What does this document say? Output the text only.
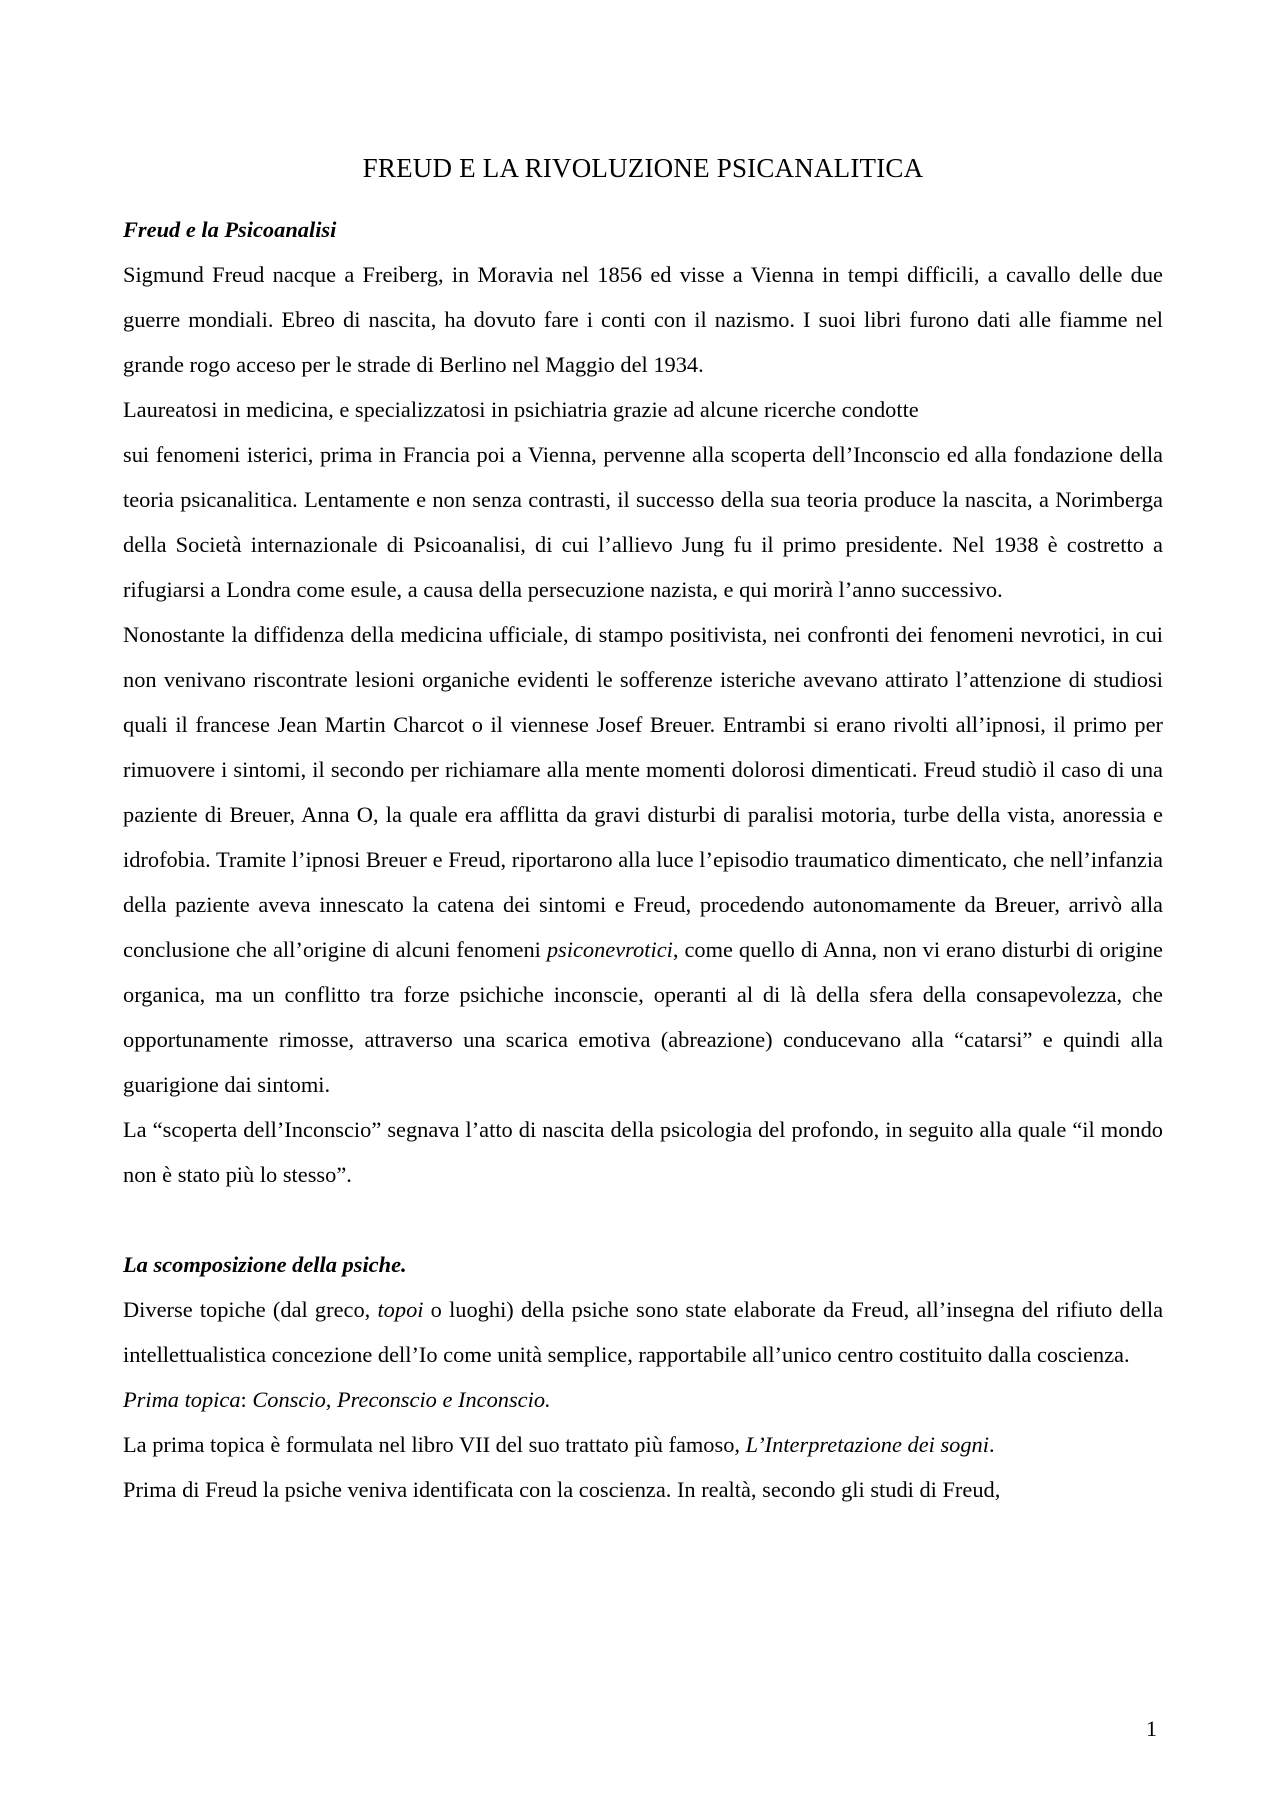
FREUD E LA RIVOLUZIONE PSICANALITICA
Freud e la Psicoanalisi
Sigmund Freud nacque a Freiberg, in Moravia nel 1856 ed visse a Vienna in tempi difficili, a cavallo delle due guerre mondiali. Ebreo di nascita, ha dovuto fare i conti con il nazismo. I suoi libri furono dati alle fiamme nel grande rogo acceso per le strade di Berlino nel Maggio del 1934.
Laureatosi in medicina, e specializzatosi in psichiatria grazie ad alcune ricerche condotte
sui fenomeni isterici, prima in Francia poi a Vienna, pervenne alla scoperta dell’Inconscio ed alla fondazione della teoria psicanalitica. Lentamente e non senza contrasti, il successo della sua teoria produce la nascita, a Norimberga della Società internazionale di Psicoanalisi, di cui l’allievo Jung fu il primo presidente. Nel 1938 è costretto a rifugiarsi a Londra come esule, a causa della persecuzione nazista, e qui morirà l’anno successivo.
Nonostante la diffidenza della medicina ufficiale, di stampo positivista, nei confronti dei fenomeni nevrotici, in cui non venivano riscontrate lesioni organiche evidenti le sofferenze isteriche avevano attirato l’attenzione di studiosi quali il francese Jean Martin Charcot o il viennese Josef Breuer. Entrambi si erano rivolti all’ipnosi, il primo per rimuovere i sintomi, il secondo per richiamare alla mente momenti dolorosi dimenticati. Freud studiò il caso di una paziente di Breuer, Anna O, la quale era afflitta da gravi disturbi di paralisi motoria, turbe della vista, anoressia e idrofobia. Tramite l’ipnosi Breuer e Freud, riportarono alla luce l’episodio traumatico dimenticato, che nell’infanzia della paziente aveva innescato la catena dei sintomi e Freud, procedendo autonomamente da Breuer, arrivò alla conclusione che all’origine di alcuni fenomeni psiconevrotici, come quello di Anna, non vi erano disturbi di origine organica, ma un conflitto tra forze psichiche inconscie, operanti al di là della sfera della consapevolezza, che opportunamente rimosse, attraverso una scarica emotiva (abreazione) conducevano alla “catarsi” e quindi alla guarigione dai sintomi.
La “scoperta dell’Inconscio” segnava l’atto di nascita della psicologia del profondo, in seguito alla quale “il mondo non è stato più lo stesso”.
La scomposizione della psiche.
Diverse topiche (dal greco, topoi o luoghi) della psiche sono state elaborate da Freud, all’insegna del rifiuto della intellettualistica concezione dell’Io come unità semplice, rapportabile all’unico centro costituito dalla coscienza.
Prima topica: Conscio, Preconscio e Inconscio.
La prima topica è formulata nel libro VII del suo trattato più famoso, L’Interpretazione dei sogni.
Prima di Freud la psiche veniva identificata con la coscienza. In realtà, secondo gli studi di Freud,
1
